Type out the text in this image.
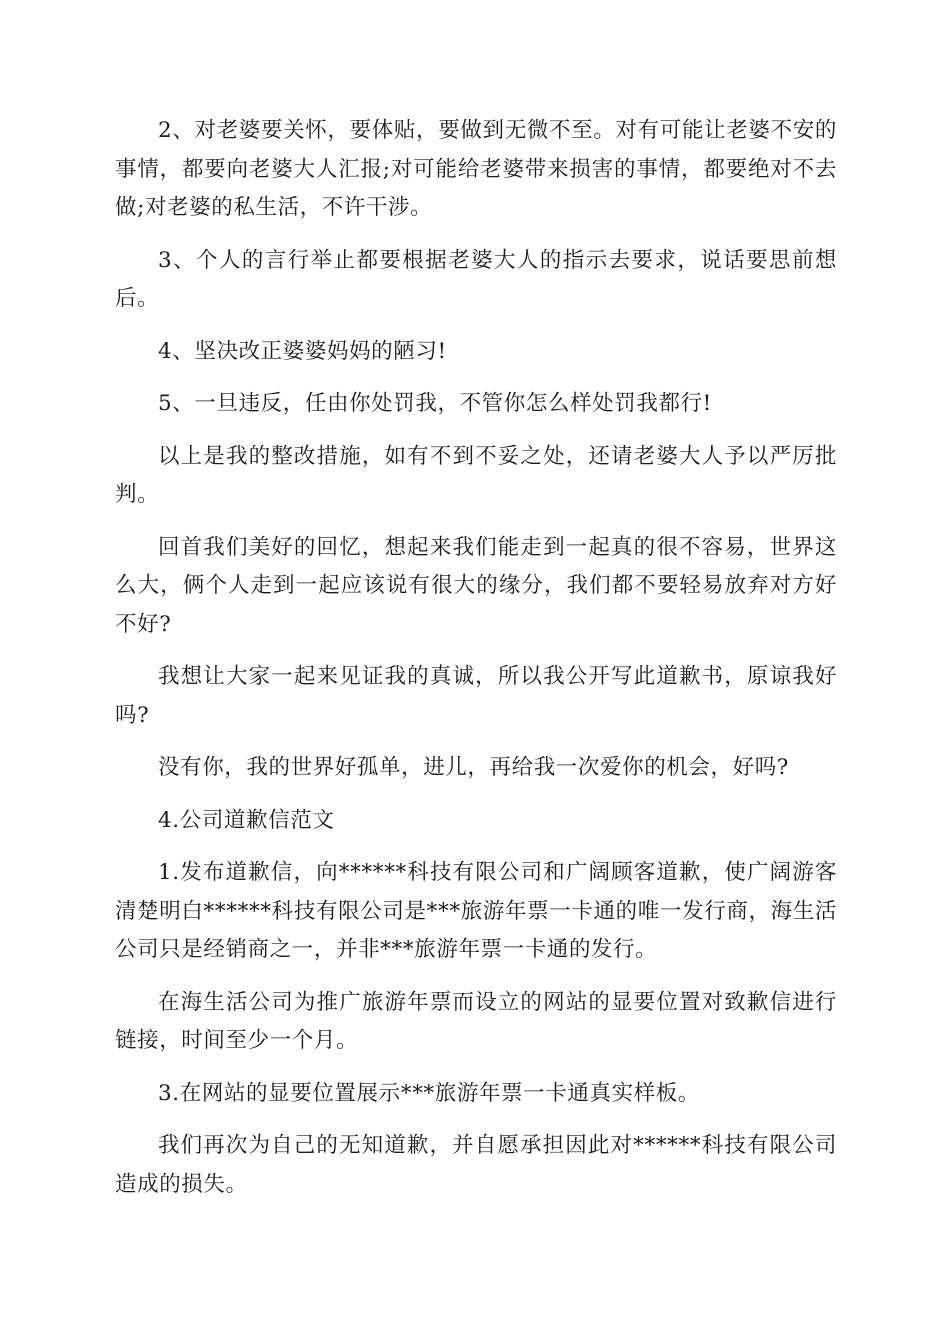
2、对老婆要关怀，要体贴，要做到无微不至。对有可能让老婆不安的事情，都要向老婆大人汇报;对可能给老婆带来损害的事情，都要绝对不去做;对老婆的私生活，不许干涉。

3、个人的言行举止都要根据老婆大人的指示去要求，说话要思前想后。

4、坚决改正婆婆妈妈的陋习!

5、一旦违反，任由你处罚我，不管你怎么样处罚我都行!

以上是我的整改措施，如有不到不妥之处，还请老婆大人予以严厉批判。

回首我们美好的回忆，想起来我们能走到一起真的很不容易，世界这么大，俩个人走到一起应该说有很大的缘分，我们都不要轻易放弃对方好不好?

我想让大家一起来见证我的真诚，所以我公开写此道歉书，原谅我好吗?

没有你，我的世界好孤单，进儿，再给我一次爱你的机会，好吗?

4.公司道歉信范文

1.发布道歉信，向******科技有限公司和广阔顾客道歉，使广阔游客清楚明白******科技有限公司是***旅游年票一卡通的唯一发行商，海生活公司只是经销商之一，并非***旅游年票一卡通的发行。

在海生活公司为推广旅游年票而设立的网站的显要位置对致歉信进行链接，时间至少一个月。

3.在网站的显要位置展示***旅游年票一卡通真实样板。

我们再次为自己的无知道歉，并自愿承担因此对******科技有限公司造成的损失。
